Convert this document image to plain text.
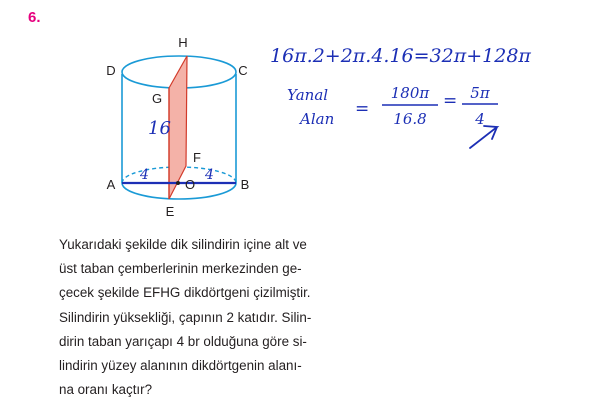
6.
H
D	C
G
F
A	O	B
E
16
4	4
16π.2+2π.4.16=32π+128π
Yanal
Alan =
180π
16.8
= 5π
4
Yukarıdaki şekilde dik silindirin içine alt ve
üst taban çemberlerinin merkezinden ge-
çecek şekilde EFHG dikdörtgeni çizilmiştir.
Silindirin yüksekliği, çapının 2 katıdır. Silin-
dirin taban yarıçapı 4 br olduğuna göre si-
lindirin yüzey alanının dikdörtgenin alanı-
na oranı kaçtır?
